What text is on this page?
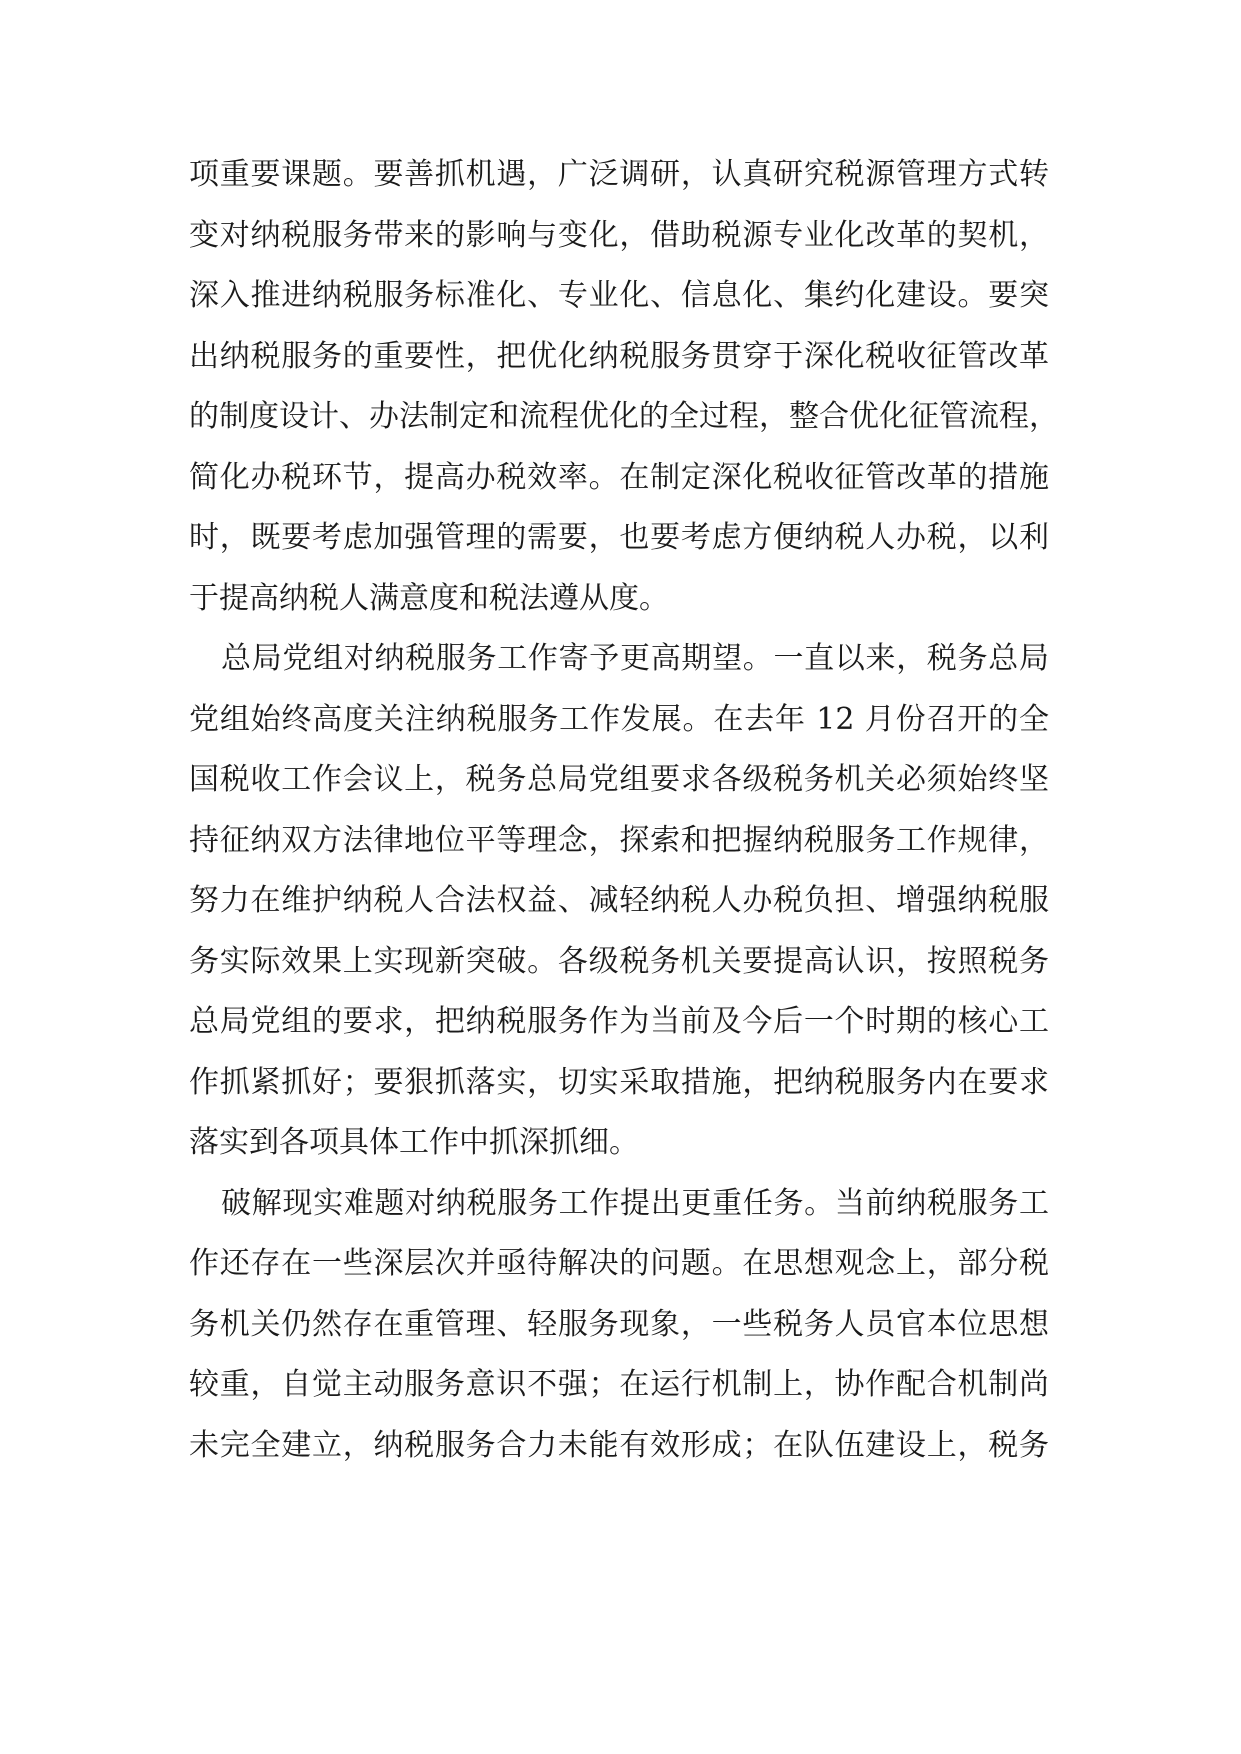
项重要课题。要善抓机遇，广泛调研，认真研究税源管理方式转
变对纳税服务带来的影响与变化，借助税源专业化改革的契机，
深入推进纳税服务标准化、专业化、信息化、集约化建设。要突
出纳税服务的重要性，把优化纳税服务贯穿于深化税收征管改革
的制度设计、办法制定和流程优化的全过程，整合优化征管流程，
简化办税环节，提高办税效率。在制定深化税收征管改革的措施
时，既要考虑加强管理的需要，也要考虑方便纳税人办税，以利
于提高纳税人满意度和税法遵从度。
总局党组对纳税服务工作寄予更高期望。一直以来，税务总局
党组始终高度关注纳税服务工作发展。在去年 12 月份召开的全
国税收工作会议上，税务总局党组要求各级税务机关必须始终坚
持征纳双方法律地位平等理念，探索和把握纳税服务工作规律，
努力在维护纳税人合法权益、减轻纳税人办税负担、增强纳税服
务实际效果上实现新突破。各级税务机关要提高认识，按照税务
总局党组的要求，把纳税服务作为当前及今后一个时期的核心工
作抓紧抓好；要狠抓落实，切实采取措施，把纳税服务内在要求
落实到各项具体工作中抓深抓细。
破解现实难题对纳税服务工作提出更重任务。当前纳税服务工
作还存在一些深层次并亟待解决的问题。在思想观念上，部分税
务机关仍然存在重管理、轻服务现象，一些税务人员官本位思想
较重，自觉主动服务意识不强；在运行机制上，协作配合机制尚
未完全建立，纳税服务合力未能有效形成；在队伍建设上，税务
